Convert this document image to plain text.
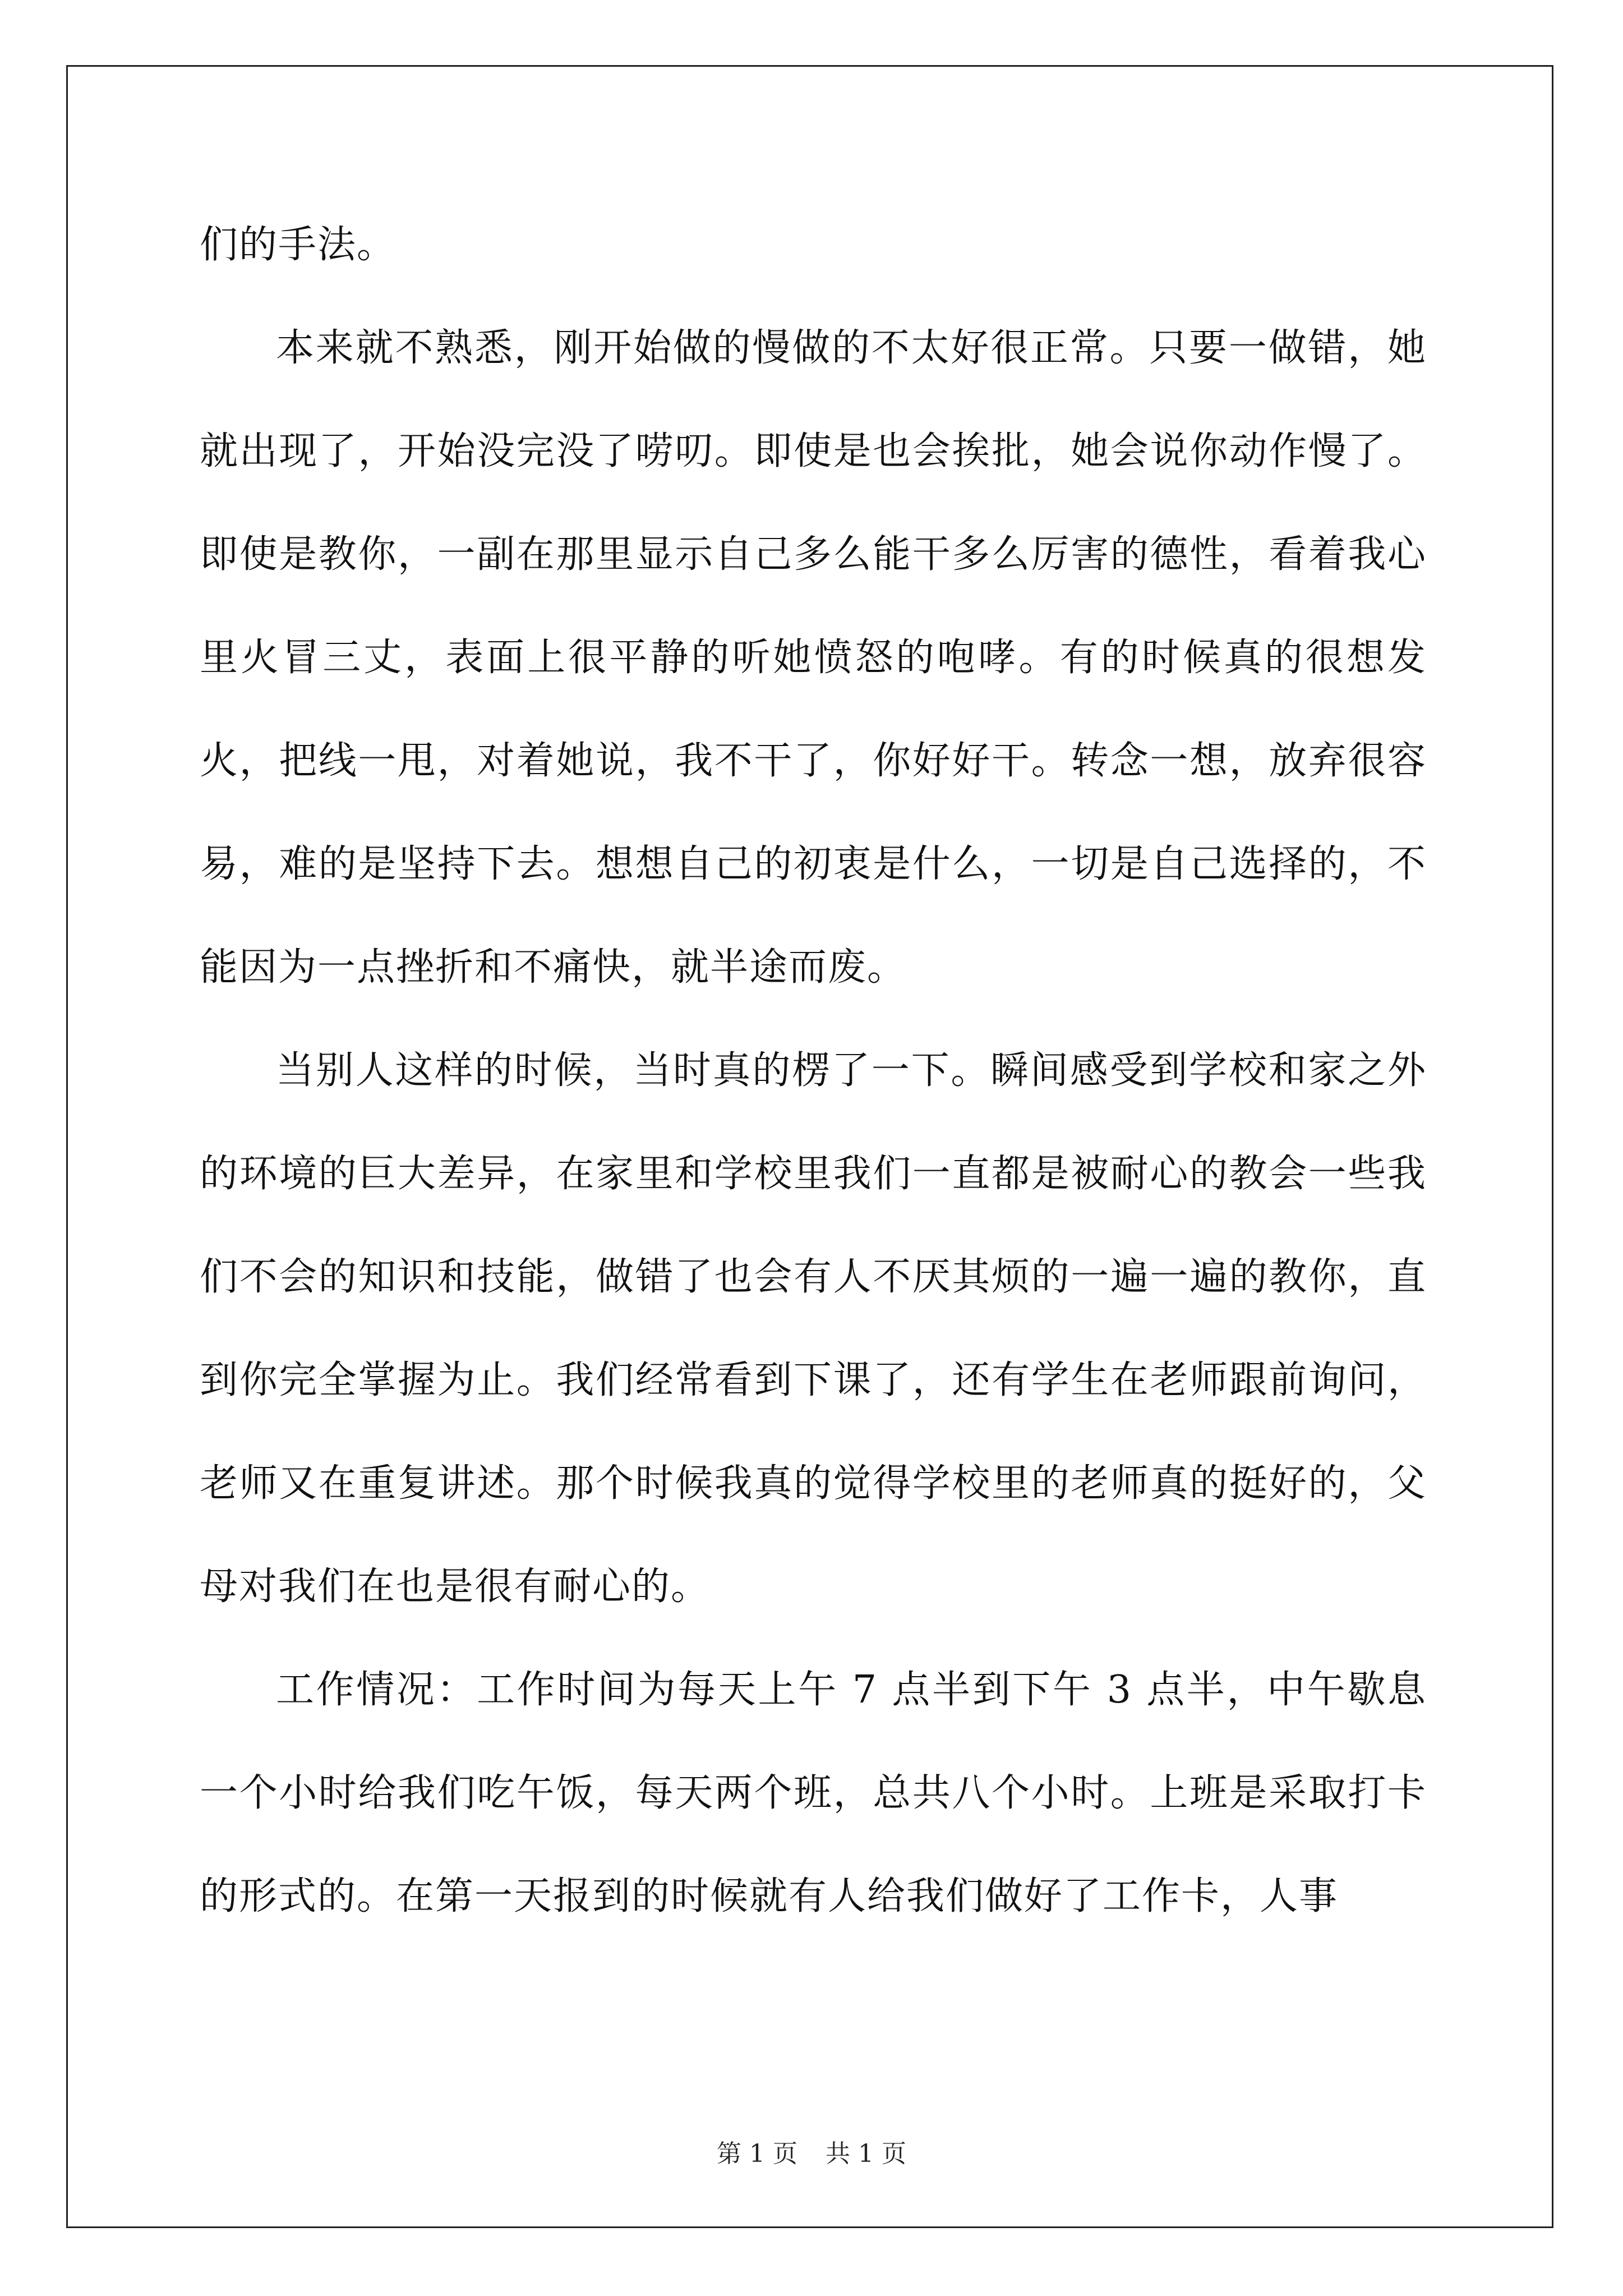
们的手法。

本来就不熟悉，刚开始做的慢做的不太好很正常。只要一做错，她就出现了，开始没完没了唠叨。即使是也会挨批，她会说你动作慢了。即使是教你，一副在那里显示自己多么能干多么厉害的德性，看着我心里火冒三丈，表面上很平静的听她愤怒的咆哮。有的时候真的很想发火，把线一甩，对着她说，我不干了，你好好干。转念一想，放弃很容易，难的是坚持下去。想想自己的初衷是什么，一切是自己选择的，不能因为一点挫折和不痛快，就半途而废。

当别人这样的时候，当时真的楞了一下。瞬间感受到学校和家之外的环境的巨大差异，在家里和学校里我们一直都是被耐心的教会一些我们不会的知识和技能，做错了也会有人不厌其烦的一遍一遍的教你，直到你完全掌握为止。我们经常看到下课了，还有学生在老师跟前询问，老师又在重复讲述。那个时候我真的觉得学校里的老师真的挺好的，父母对我们在也是很有耐心的。

工作情况：工作时间为每天上午 7 点半到下午 3 点半，中午歇息一个小时给我们吃午饭，每天两个班，总共八个小时。上班是采取打卡的形式的。在第一天报到的时候就有人给我们做好了工作卡，人事

第 1 页 共 1 页
